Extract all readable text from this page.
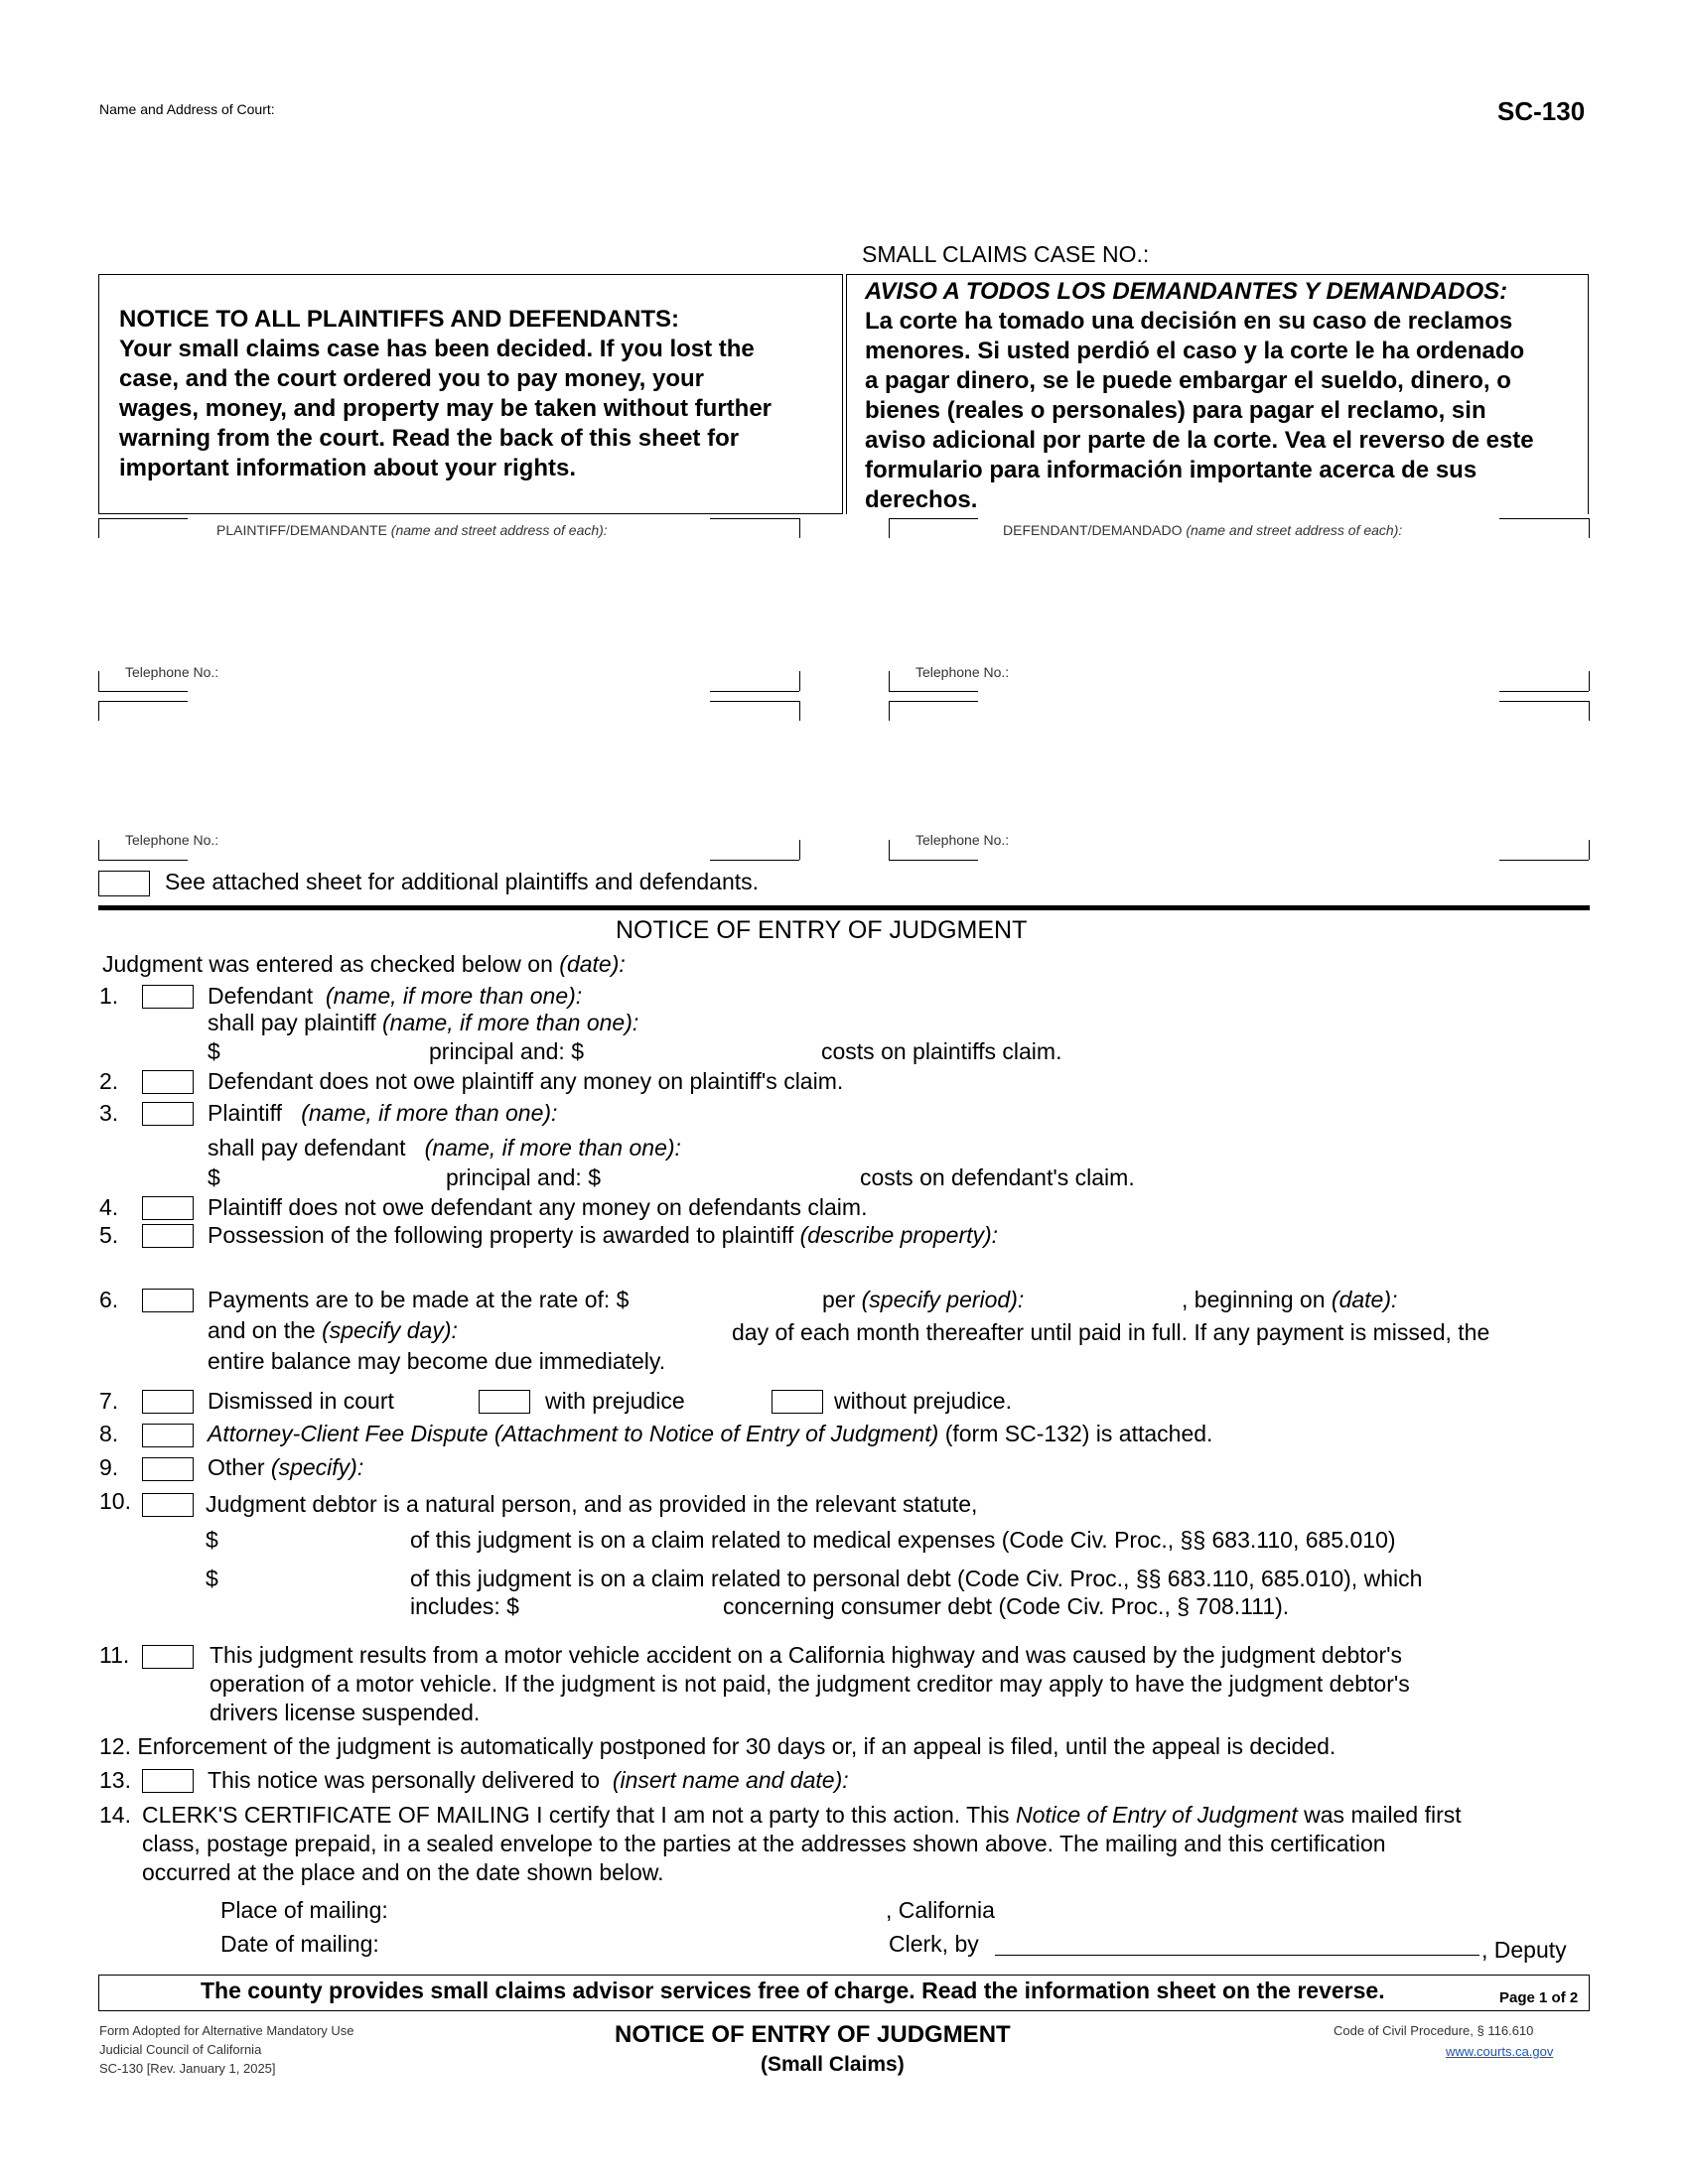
Name and Address of Court:	SC-130
SMALL CLAIMS CASE NO.:
NOTICE TO ALL PLAINTIFFS AND DEFENDANTS:
Your small claims case has been decided. If you lost the
case, and the court ordered you to pay money, your
wages, money, and property may be taken without further
warning from the court. Read the back of this sheet for
important information about your rights.
AVISO A TODOS LOS DEMANDANTES Y DEMANDADOS:
La corte ha tomado una decisión en su caso de reclamos
menores. Si usted perdió el caso y la corte le ha ordenado
a pagar dinero, se le puede embargar el sueldo, dinero, o
bienes (reales o personales) para pagar el reclamo, sin
aviso adicional por parte de la corte. Vea el reverso de este
formulario para información importante acerca de sus
derechos.
PLAINTIFF/DEMANDANTE (name and street address of each):
Telephone No.:
DEFENDANT/DEMANDADO (name and street address of each):
Telephone No.:
Telephone No.:	Telephone No.:
See attached sheet for additional plaintiffs and defendants.
NOTICE OF ENTRY OF JUDGMENT
Judgment was entered as checked below on (date):
1.	Defendant (name, if more than one):
shall pay plaintiff (name, if more than one):
$	principal and: $	costs on plaintiffs claim.
2.	Defendant does not owe plaintiff any money on plaintiff's claim.
3.	Plaintiff (name, if more than one):
shall pay defendant (name, if more than one):
$	principal and: $	costs on defendant's claim.
4.	Plaintiff does not owe defendant any money on defendants claim.
5.	Possession of the following property is awarded to plaintiff (describe property):
6.	Payments are to be made at the rate of: $	per (specify period):	, beginning on (date):
and on the (specify day):	day of each month thereafter until paid in full. If any payment is missed, the
entire balance may become due immediately.
7.	Dismissed in court	with prejudice	without prejudice.
8.	Attorney-Client Fee Dispute (Attachment to Notice of Entry of Judgment) (form SC-132) is attached.
9.	Other (specify):
10.	Judgment debtor is a natural person, and as provided in the relevant statute,
$	of this judgment is on a claim related to medical expenses (Code Civ. Proc., §§ 683.110, 685.010)
$	of this judgment is on a claim related to personal debt (Code Civ. Proc., §§ 683.110, 685.010), which
includes: $	concerning consumer debt (Code Civ. Proc., § 708.111).
11.	This judgment results from a motor vehicle accident on a California highway and was caused by the judgment debtor's
operation of a motor vehicle. If the judgment is not paid, the judgment creditor may apply to have the judgment debtor's
drivers license suspended.
12. Enforcement of the judgment is automatically postponed for 30 days or, if an appeal is filed, until the appeal is decided.
13.	This notice was personally delivered to (insert name and date):
14. CLERK'S CERTIFICATE OF MAILING I certify that I am not a party to this action. This Notice of Entry of Judgment was mailed first
class, postage prepaid, in a sealed envelope to the parties at the addresses shown above. The mailing and this certification
occurred at the place and on the date shown below.
Place of mailing:	, California
Date of mailing:	Clerk, by	, Deputy
The county provides small claims advisor services free of charge. Read the information sheet on the reverse.	Page 1 of 2
Form Adopted for Alternative Mandatory Use
Judicial Council of California
SC-130 [Rev. January 1, 2025]
NOTICE OF ENTRY OF JUDGMENT
(Small Claims)
Code of Civil Procedure, § 116.610
www.courts.ca.gov
